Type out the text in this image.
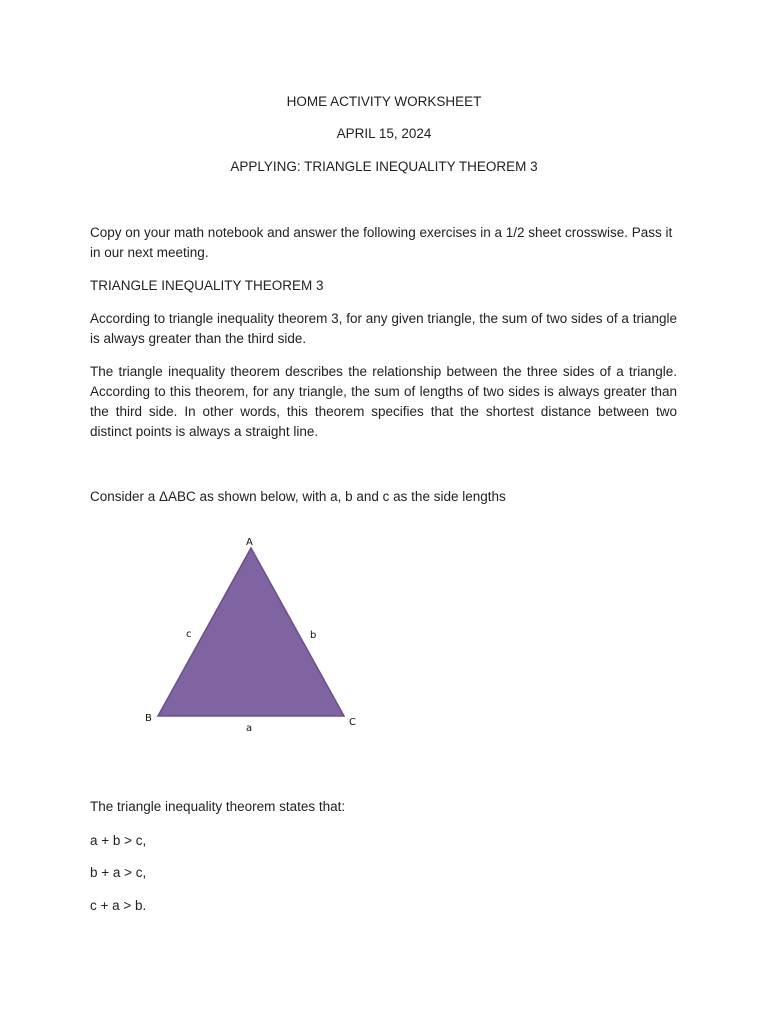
HOME ACTIVITY WORKSHEET
APRIL 15, 2024
APPLYING: TRIANGLE INEQUALITY THEOREM 3

Copy on your math notebook and answer the following exercises in a 1/2 sheet crosswise. Pass it in our next meeting.

TRIANGLE INEQUALITY THEOREM 3

According to triangle inequality theorem 3, for any given triangle, the sum of two sides of a triangle is always greater than the third side.

The triangle inequality theorem describes the relationship between the three sides of a triangle. According to this theorem, for any triangle, the sum of lengths of two sides is always greater than the third side. In other words, this theorem specifies that the shortest distance between two distinct points is always a straight line.

Consider a ΔABC as shown below, with a, b and c as the side lengths

A
B	C
c	b
a

The triangle inequality theorem states that:

a + b > c,

b + a > c,

c + a > b.
